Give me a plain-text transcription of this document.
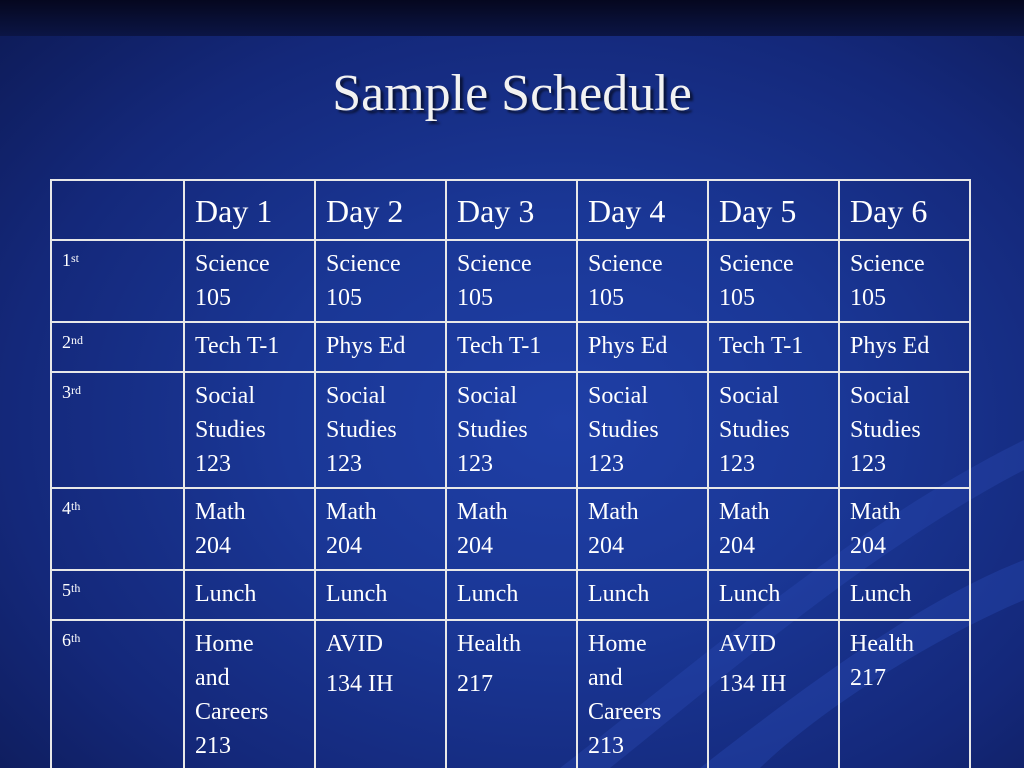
Sample Schedule
	Day 1	Day 2	Day 3	Day 4	Day 5	Day 6
1st	Science
105	Science
105	Science
105	Science
105	Science
105	Science
105

2nd	Tech T-1	Phys Ed	Tech T-1	Phys Ed	Tech T-1	Phys Ed

3rd	Social
Studies
123	Social
Studies
123	Social
Studies
123	Social
Studies
123	Social
Studies
123	Social
Studies
123

4th	Math
204	Math
204	Math
204	Math
204	Math
204	Math
204

5th	Lunch	Lunch	Lunch	Lunch	Lunch	Lunch

6th	Home
and
Careers
213	AVID
134 IH	Health
217	Home
and
Careers
213	AVID
134 IH	Health
217
